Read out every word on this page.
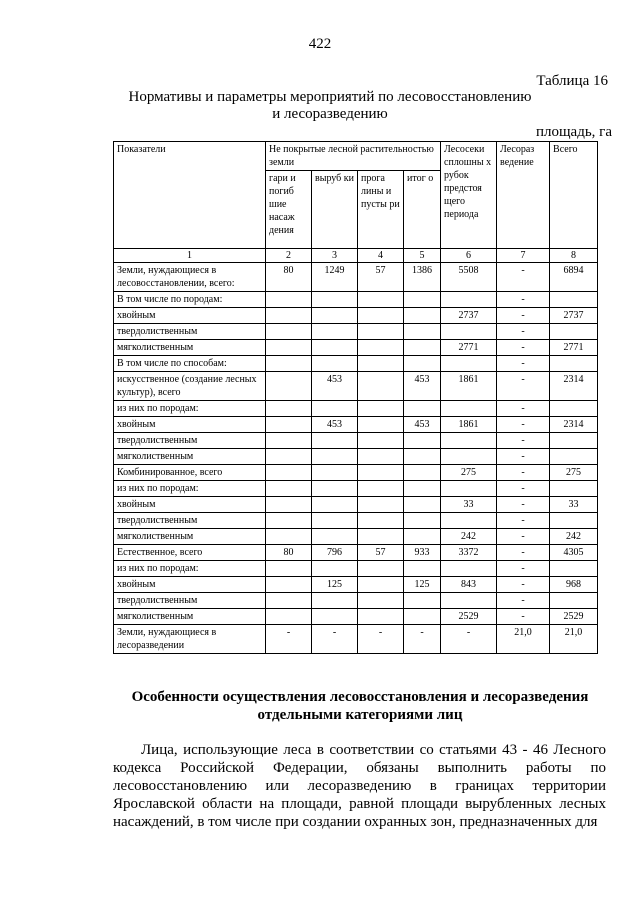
422
Таблица 16
Нормативы и параметры мероприятий по лесовосстановлению
и лесоразведению
площадь, га
Показатели	Не покрытые лесной растительностью земли				Лесосеки сплошны х рубок предстоя щего периода	Лесораз ведение	Всего
	гари и погиб шие насаж дения	выруб ки	прога лины и пусты ри	итог о			
1	2	3	4	5	6	7	8
Земли, нуждающиеся в лесовосстановлении, всего:	80	1249	57	1386	5508	-	6894
В том числе по породам:						-	
хвойным					2737	-	2737
твердолиственным						-	
мягколиственным					2771	-	2771
В том числе по способам:						-	
искусственное (создание лесных культур), всего		453		453	1861	-	2314
из них по породам:						-	
хвойным		453		453	1861	-	2314
твердолиственным						-	
мягколиственным						-	
Комбинированное, всего					275	-	275
из них по породам:						-	
хвойным					33	-	33
твердолиственным						-	
мягколиственным					242	-	242
Естественное, всего	80	796	57	933	3372	-	4305
из них по породам:						-	
хвойным		125		125	843	-	968
твердолиственным						-	
мягколиственным					2529	-	2529
Земли, нуждающиеся в лесоразведении	-	-	-	-	-	21,0	21,0
Особенности осуществления лесовосстановления и лесоразведения отдельными категориями лиц

Лица, использующие леса в соответствии со статьями 43 - 46 Лесного кодекса Российской Федерации, обязаны выполнить работы по лесовосстановлению или лесоразведению в границах территории Ярославской области на площади, равной площади вырубленных лесных насаждений, в том числе при создании охранных зон, предназначенных для
